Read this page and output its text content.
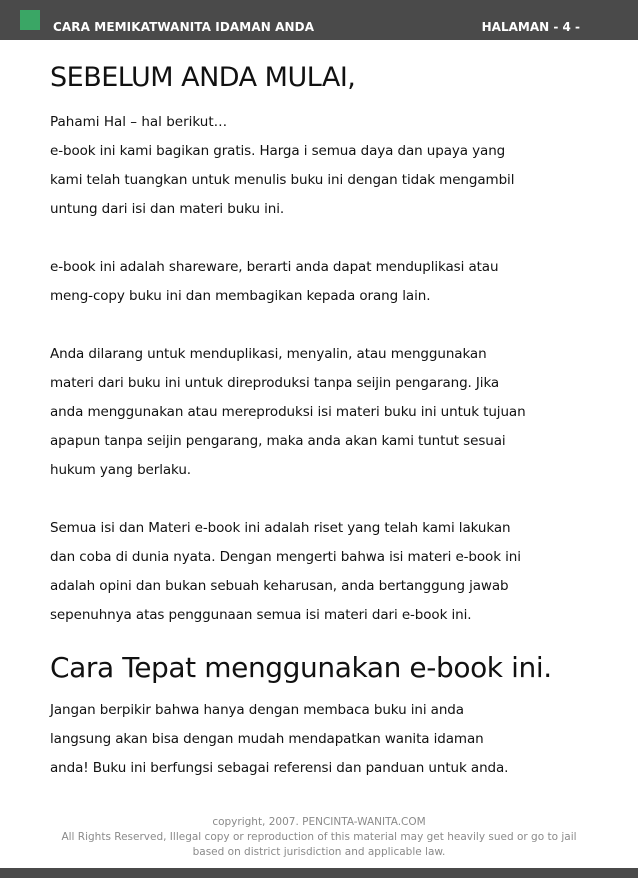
CARA MEMIKATWANITA IDAMAN ANDA	HALAMAN - 4 -
SEBELUM ANDA MULAI,
Pahami Hal – hal berikut…

e-book ini kami bagikan gratis. Harga i semua daya dan upaya yang
kami telah tuangkan untuk menulis buku ini dengan tidak mengambil
untung dari isi dan materi buku ini.

e-book ini adalah shareware, berarti anda dapat menduplikasi atau
meng-copy buku ini dan membagikan kepada orang lain.

Anda dilarang untuk menduplikasi, menyalin, atau menggunakan
materi dari buku ini untuk direproduksi tanpa seijin pengarang. Jika
anda menggunakan atau mereproduksi isi materi buku ini untuk tujuan
apapun tanpa seijin pengarang, maka anda akan kami tuntut sesuai
hukum yang berlaku.

Semua isi dan Materi e-book ini adalah riset yang telah kami lakukan
dan coba di dunia nyata. Dengan mengerti bahwa isi materi e-book ini
adalah opini dan bukan sebuah keharusan, anda bertanggung jawab
sepenuhnya atas penggunaan semua isi materi dari e-book ini.

Cara Tepat menggunakan e-book ini.

Jangan berpikir bahwa hanya dengan membaca buku ini anda
langsung akan bisa dengan mudah mendapatkan wanita idaman
anda! Buku ini berfungsi sebagai referensi dan panduan untuk anda.

copyright, 2007. PENCINTA-WANITA.COM
All Rights Reserved, Illegal copy or reproduction of this material may get heavily sued or go to jail
based on district jurisdiction and applicable law.
